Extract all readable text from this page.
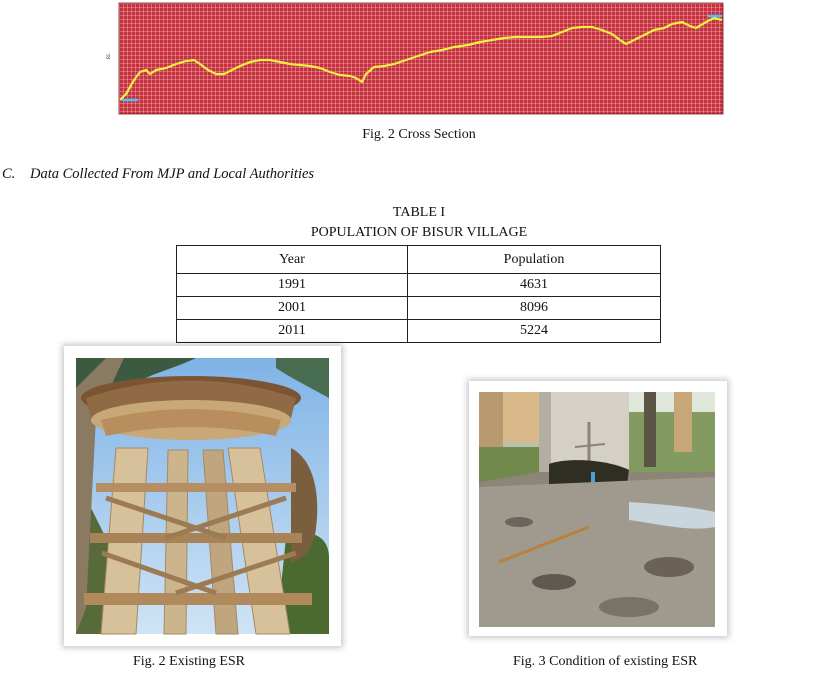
RL
Fig. 2 Cross Section
C. Data Collected From MJP and Local Authorities
TABLE I
POPULATION OF BISUR VILLAGE
Year	Population
1991	4631
2001	8096
2011	5224
Fig. 2 Existing ESR	Fig. 3 Condition of existing ESR
